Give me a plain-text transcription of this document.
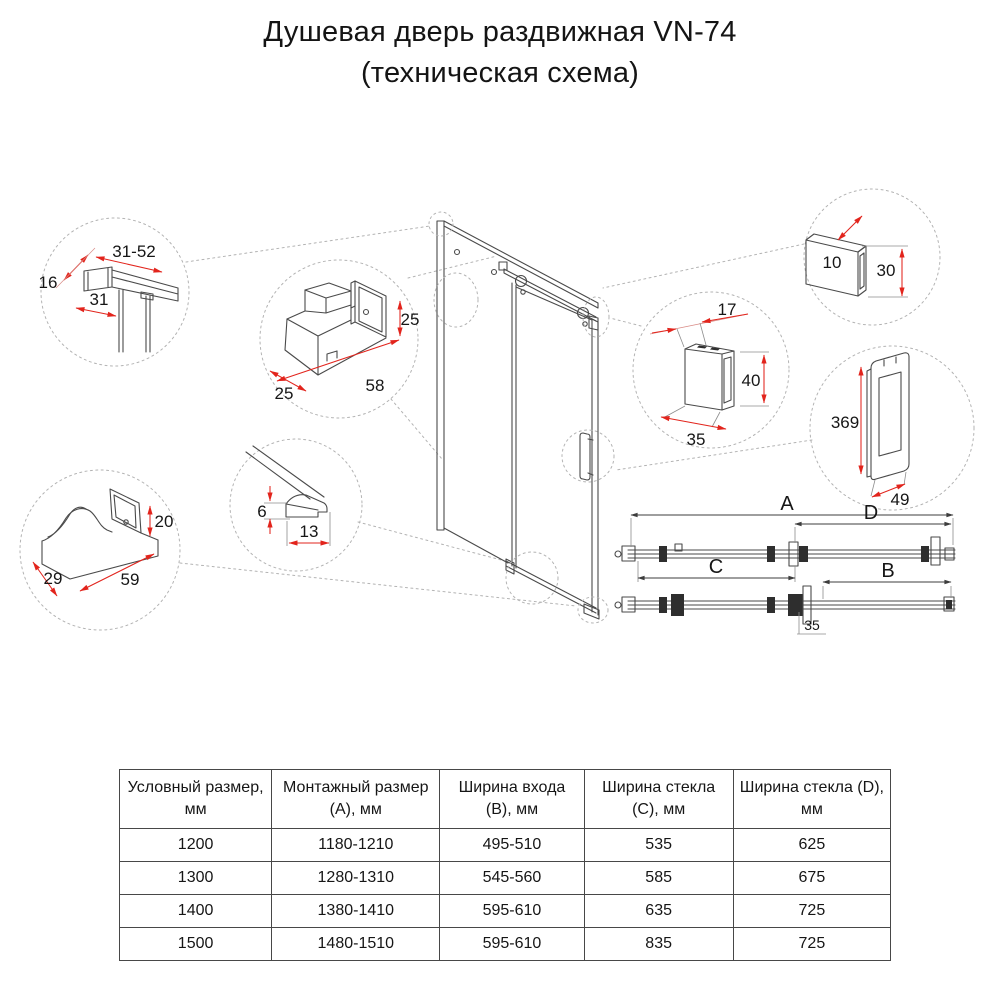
Душевая дверь раздвижная VN-74
(техническая схема)
16
31-52
31
25
58
25
6
13
20
29	59
10 30
17
40
35
369
49
A	D
C	B
35
Условный размер, мм	Монтажный размер (А), мм	Ширина входа (В), мм	Ширина стекла (С), мм	Ширина стекла (D), мм
1200	1180-1210	495-510	535	625
1300	1280-1310	545-560	585	675
1400	1380-1410	595-610	635	725
1500	1480-1510	595-610	835	725
